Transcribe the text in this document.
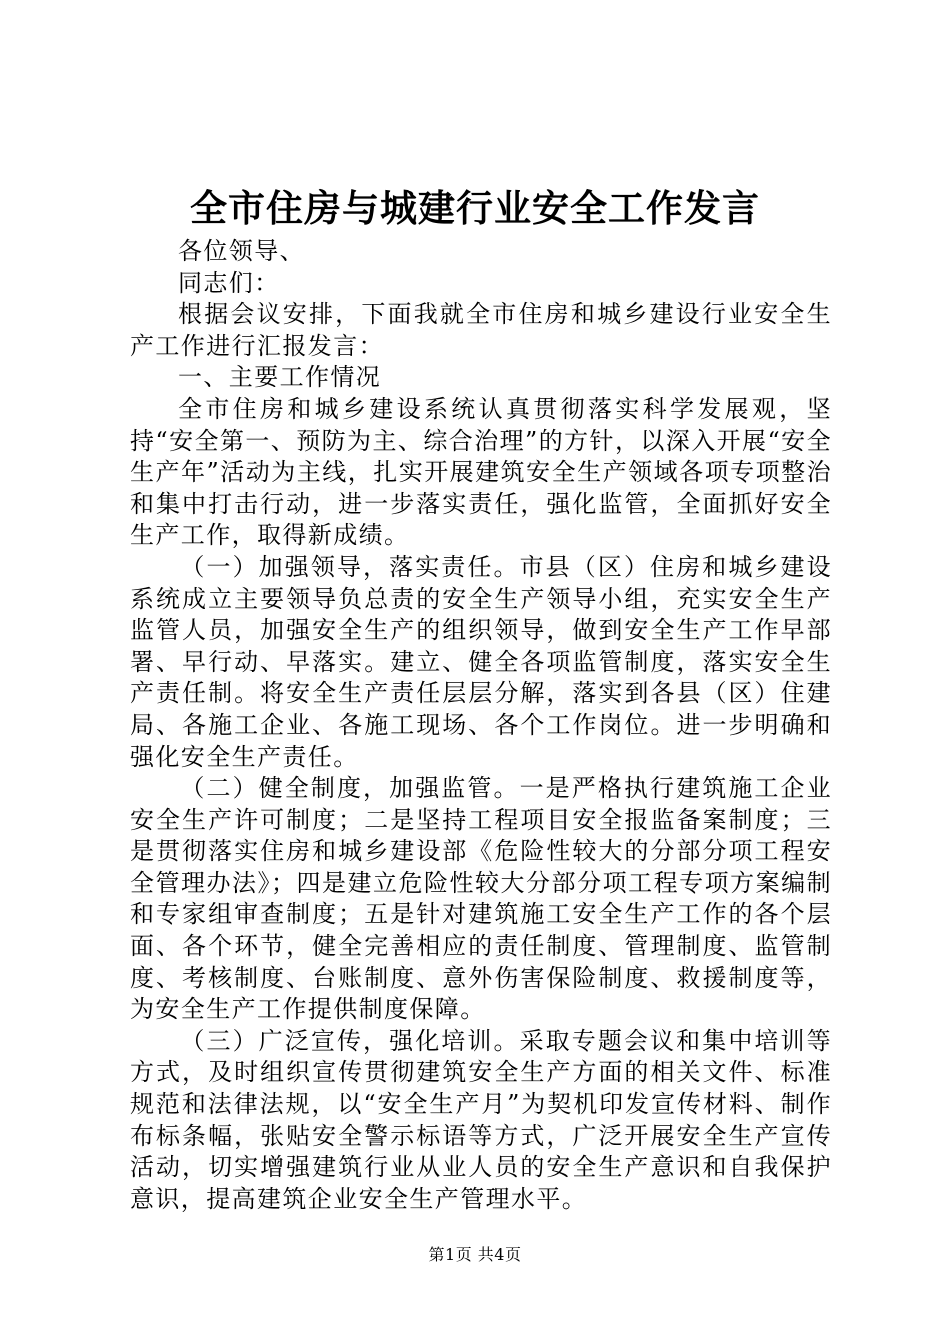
全市住房与城建行业安全工作发言

各位领导、

同志们：

根据会议安排，下面我就全市住房和城乡建设行业安全生产工作进行汇报发言：

一、主要工作情况

全市住房和城乡建设系统认真贯彻落实科学发展观，坚持“安全第一、预防为主、综合治理”的方针，以深入开展“安全生产年”活动为主线，扎实开展建筑安全生产领域各项专项整治和集中打击行动，进一步落实责任，强化监管，全面抓好安全生产工作，取得新成绩。

（一）加强领导，落实责任。市县（区）住房和城乡建设系统成立主要领导负总责的安全生产领导小组，充实安全生产监管人员，加强安全生产的组织领导，做到安全生产工作早部署、早行动、早落实。建立、健全各项监管制度，落实安全生产责任制。将安全生产责任层层分解，落实到各县（区）住建局、各施工企业、各施工现场、各个工作岗位。进一步明确和强化安全生产责任。

（二）健全制度，加强监管。一是严格执行建筑施工企业安全生产许可制度；二是坚持工程项目安全报监备案制度；三是贯彻落实住房和城乡建设部《危险性较大的分部分项工程安全管理办法》；四是建立危险性较大分部分项工程专项方案编制和专家组审查制度；五是针对建筑施工安全生产工作的各个层面、各个环节，健全完善相应的责任制度、管理制度、监管制度、考核制度、台账制度、意外伤害保险制度、救援制度等，为安全生产工作提供制度保障。

（三）广泛宣传，强化培训。采取专题会议和集中培训等方式，及时组织宣传贯彻建筑安全生产方面的相关文件、标准规范和法律法规，以“安全生产月”为契机印发宣传材料、制作布标条幅，张贴安全警示标语等方式，广泛开展安全生产宣传活动，切实增强建筑行业从业人员的安全生产意识和自我保护意识，提高建筑企业安全生产管理水平。

第1页 共4页
